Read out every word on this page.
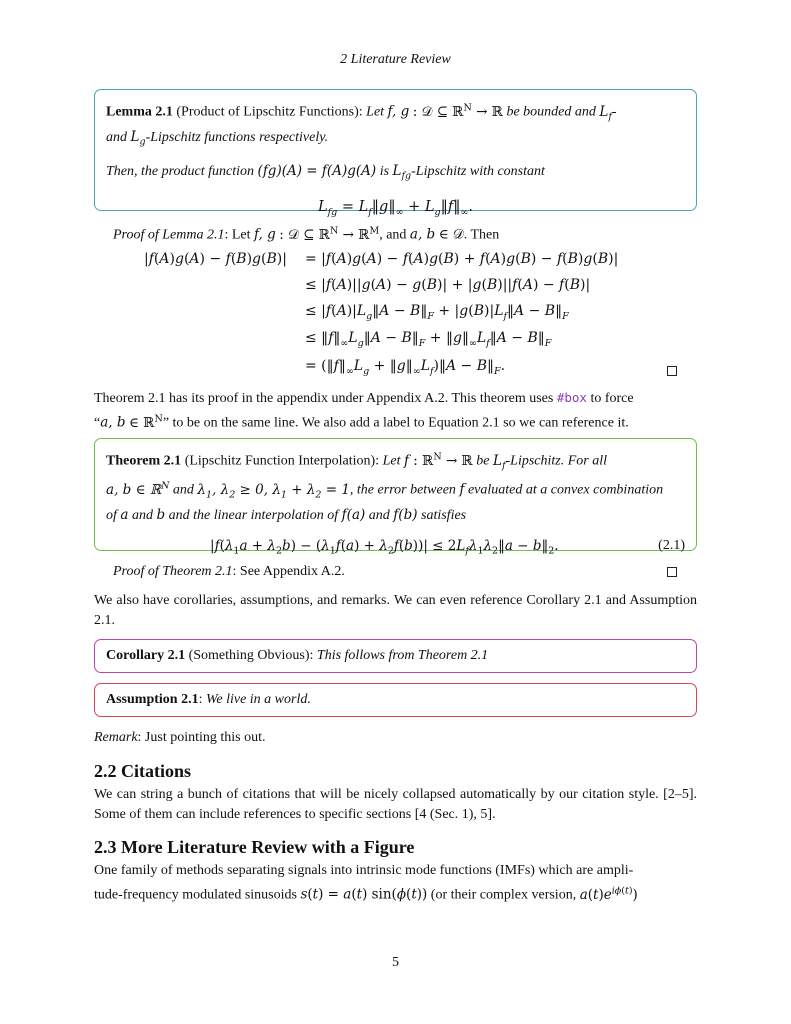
2 Literature Review
Lemma 2.1 (Product of Lipschitz Functions): Let f, g : 𝒟 ⊆ ℝ$^N$ → ℝ be bounded and $L_f-$
and $L_g$-Lipschitz functions respectively.
Then, the product function (fg)(A) = f(A)g(A) is $L_{fg}$-Lipschitz with constant
$L_{fg}$ = $L_f‖g‖_\infty$ + $L_g‖f‖_\infty$.
Proof of Lemma 2.1: Let f, g : 𝒟 ⊆ ℝ$^N$ → ℝ$^M$, and a, b ∈ 𝒟. Then
|f(A)g(A) − f(B)g(B)| = |f(A)g(A) − f(A)g(B) + f(A)g(B) − f(B)g(B)|
≤ |f(A)||g(A) − g(B)| + |g(B)||f(A) − f(B)|
≤ $|f(A)|L_g‖A$ − $B‖_F$ + $|g(B)|L_f‖A$ − $B‖_F$
≤ $‖f‖_\infty L_g‖A$ − $B‖_F$ + $‖g‖_\infty L_f‖A$ − $B‖_F$
= ($‖f‖_\infty L_g$ + $‖g‖_\infty L_f)‖A$ − $B‖_F$.
Theorem 2.1 has its proof in the appendix under Appendix A.2. This theorem uses #box to force
“a, b ∈ ℝ$^N$” to be on the same line. We also add a label to Equation 2.1 so we can reference it.
Theorem 2.1 (Lipschitz Function Interpolation): Let f : ℝ$^N$ → ℝ be $L_f$-Lipschitz. For all
a, b ∈ ℝ$^N$ and $\lambda_1$, $\lambda_2 \ge 0$, $\lambda_1 + \lambda_2 = 1$, the error between f evaluated at a convex combination
of a and b and the linear interpolation of f(a) and f(b) satisfies
$|f(\lambda_1a + \lambda_2b) - (\lambda_1f(a) + \lambda_2f(b))|$ ≤ $2L_f\lambda_1\lambda_2‖a$ − $b‖_2$.	(2.1)
Proof of Theorem 2.1: See Appendix A.2.
We also have corollaries, assumptions, and remarks. We can even reference Corollary 2.1 and Assumption 2.1.
Corollary 2.1 (Something Obvious): This follows from Theorem 2.1
Assumption 2.1: We live in a world.
Remark: Just pointing this out.
2.2 Citations
We can string a bunch of citations that will be nicely collapsed automatically by our citation style. [2–5]. Some of them can include references to specific sections [4 (Sec. 1), 5].
2.3 More Literature Review with a Figure
One family of methods separating signals into intrinsic mode functions (IMFs) which are ampli-
tude-frequency modulated sinusoids s(t) = a(t) sin(ϕ(t)) (or their complex version, $a(t)e^{i\phi(t)}$)
5
